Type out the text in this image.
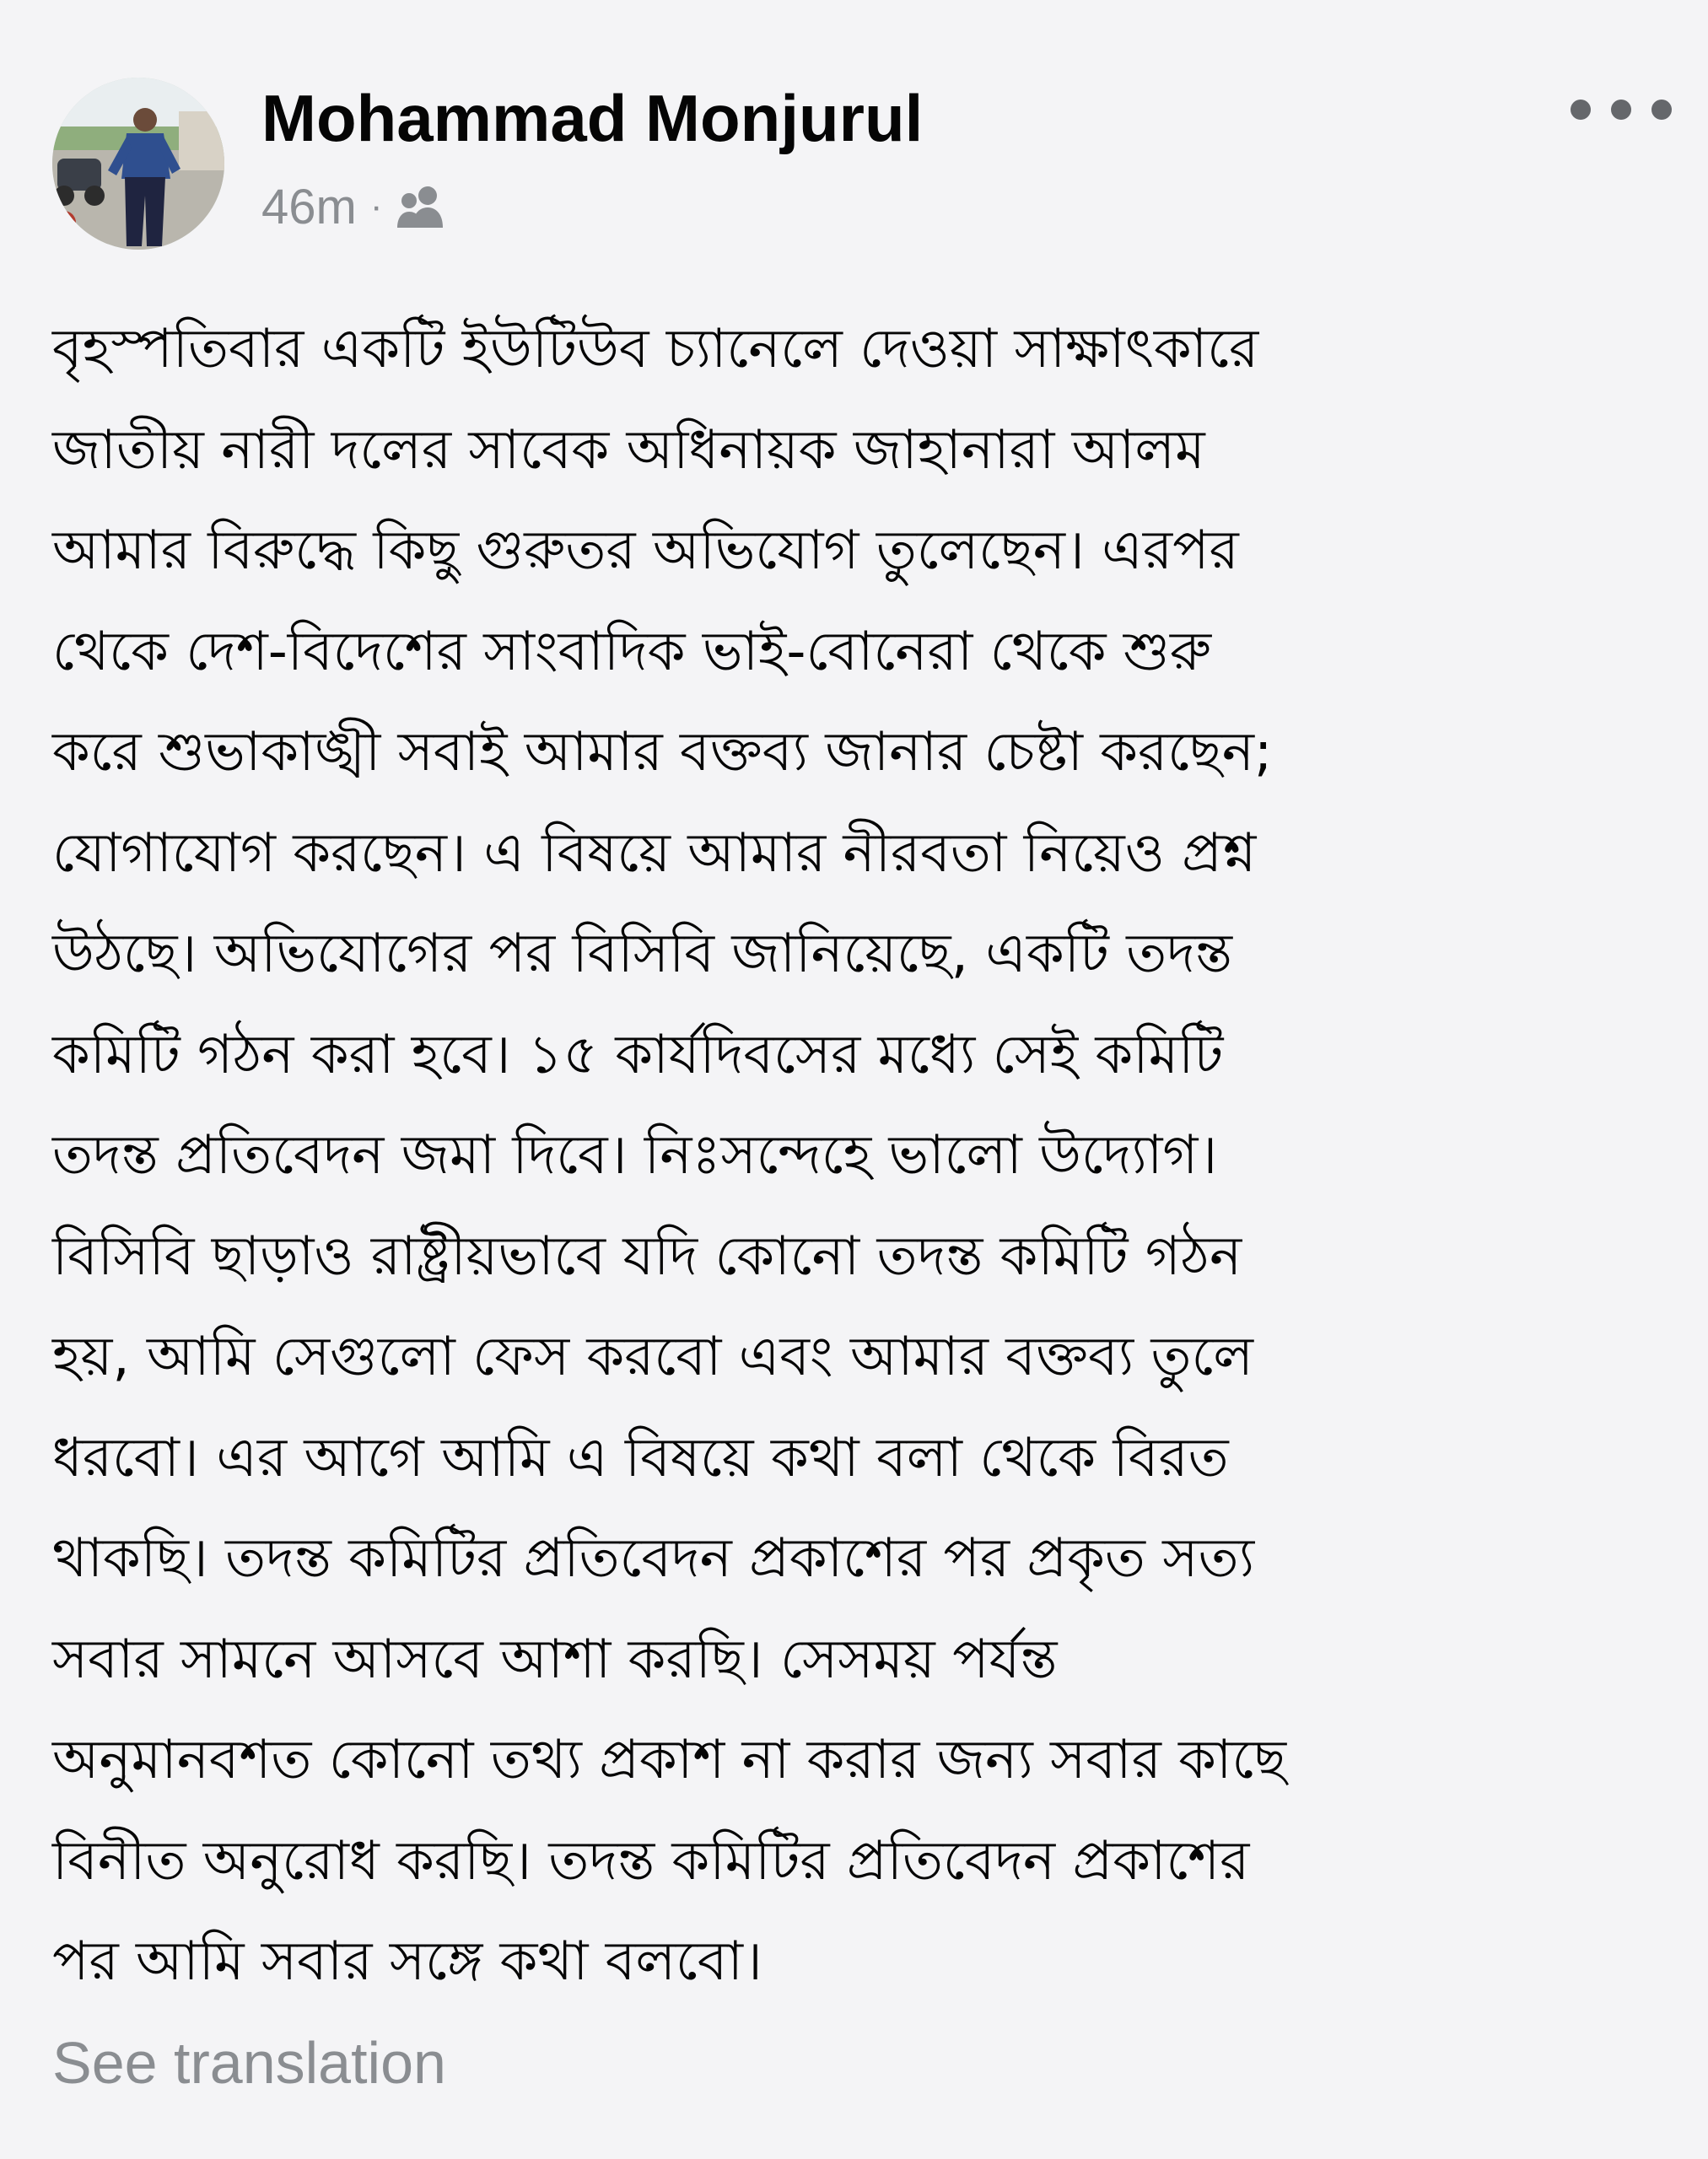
Mohammad Monjurul
46m ·
বৃহস্পতিবার একটি ইউটিউব চ্যানেলে দেওয়া সাক্ষাৎকারে
জাতীয় নারী দলের সাবেক অধিনায়ক জাহানারা আলম
আমার বিরুদ্ধে কিছু গুরুতর অভিযোগ তুলেছেন। এরপর
থেকে দেশ-বিদেশের সাংবাদিক ভাই-বোনেরা থেকে শুরু
করে শুভাকাঙ্খী সবাই আমার বক্তব্য জানার চেষ্টা করছেন;
যোগাযোগ করছেন। এ বিষয়ে আমার নীরবতা নিয়েও প্রশ্ন
উঠছে। অভিযোগের পর বিসিবি জানিয়েছে, একটি তদন্ত
কমিটি গঠন করা হবে। ১৫ কার্যদিবসের মধ্যে সেই কমিটি
তদন্ত প্রতিবেদন জমা দিবে। নিঃসন্দেহে ভালো উদ্যোগ।
বিসিবি ছাড়াও রাষ্ট্রীয়ভাবে যদি কোনো তদন্ত কমিটি গঠন
হয়, আমি সেগুলো ফেস করবো এবং আমার বক্তব্য তুলে
ধরবো। এর আগে আমি এ বিষয়ে কথা বলা থেকে বিরত
থাকছি। তদন্ত কমিটির প্রতিবেদন প্রকাশের পর প্রকৃত সত্য
সবার সামনে আসবে আশা করছি। সেসময় পর্যন্ত
অনুমানবশত কোনো তথ্য প্রকাশ না করার জন্য সবার কাছে
বিনীত অনুরোধ করছি। তদন্ত কমিটির প্রতিবেদন প্রকাশের
পর আমি সবার সঙ্গে কথা বলবো।
See translation
